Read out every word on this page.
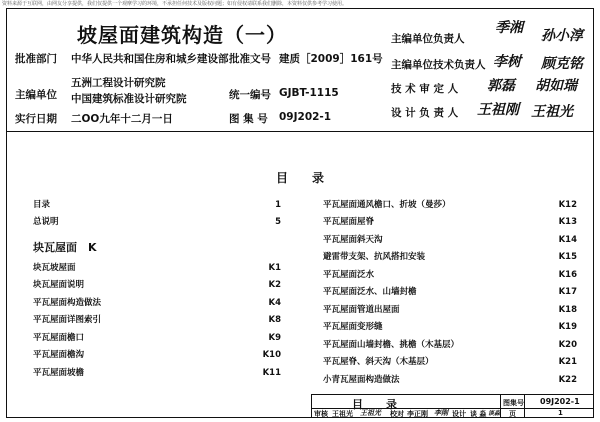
资料来源于互联网，由网友分享提供，我们仅提供一个观摩学习的环境，不承担任何技术及版权问题；如有侵权请联系我们删除，本资料仅供参考学习使用。
坡屋面建筑构造（一）
批准部门 中华人民共和国住房和城乡建设部 批准文号 建质［2009］161号
主编单位
五洲工程设计研究院
中国建筑标准设计研究院	统一编号 GJBT-1115
实行日期 二OO九年十二月一日	图 集 号 09J202-1
主编单位负责人
季湘 孙小淳
主编单位技术负责人 李树 顾克铭
技 术 审 定 人 郭磊 胡如瑞
设 计 负 责 人 王祖刚 王祖光
目　　录
目录	1
总说明	5
块瓦屋面　K
块瓦坡屋面	K1
块瓦屋面说明	K2
平瓦屋面构造做法	K4
平瓦屋面详图索引	K8
平瓦屋面檐口	K9
平瓦屋面檐沟	K10
平瓦屋面坡檐	K11
平瓦屋面通风檐口、折坡（曼莎）	K12
平瓦屋面屋脊	K13
平瓦屋面斜天沟	K14
避雷带支架、抗风搭扣安装	K15
平瓦屋面泛水	K16
平瓦屋面泛水、山墙封檐	K17
平瓦屋面管道出屋面	K18
平瓦屋面变形缝	K19
平瓦屋面山墙封檐、挑檐（木基层）	K20
平瓦屋脊、斜天沟（木基层）	K21
小青瓦屋面构造做法	K22
目　录	图集号 09J202-1
审核 王祖光 王祖光 校对 李正刚 李刚 设计 谈 淼 谈淼 页	1
